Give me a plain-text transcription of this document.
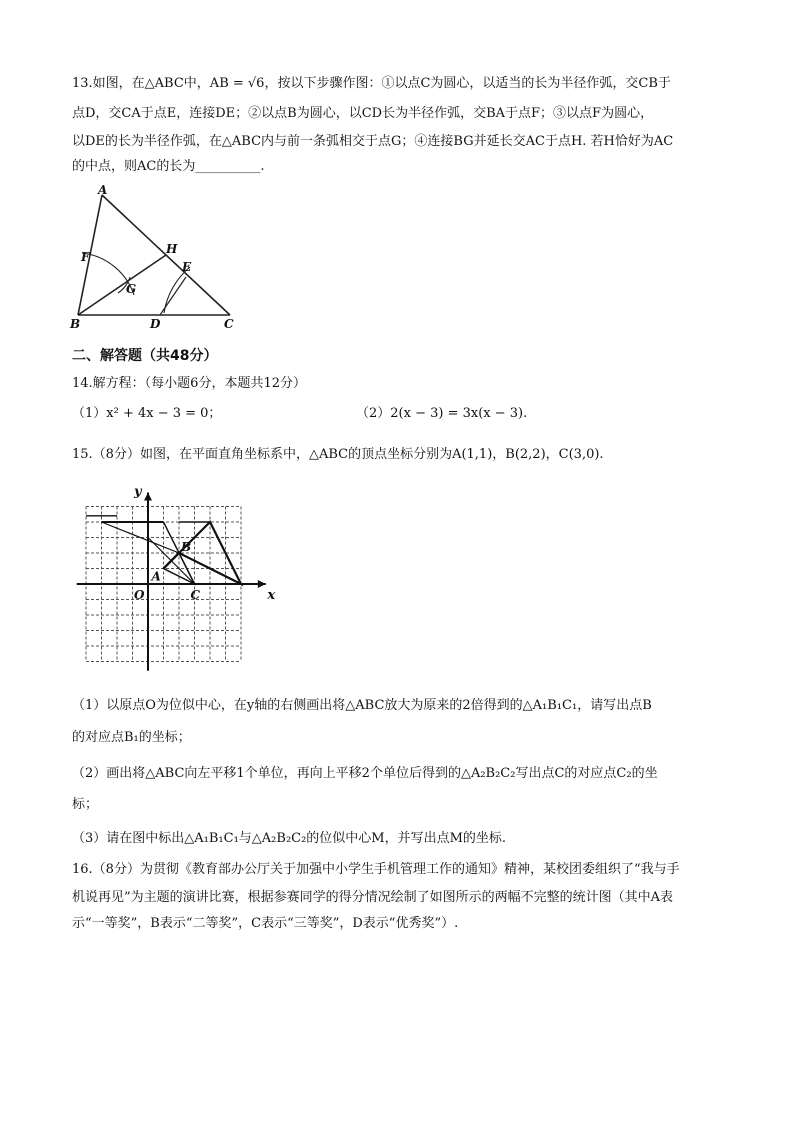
13.如图，在△ABC中，AB = √6，按以下步骤作图：①以点C为圆心，以适当的长为半径作弧，交CB于
点D，交CA于点E，连接DE；②以点B为圆心，以CD长为半径作弧，交BA于点F；③以点F为圆心，
以DE的长为半径作弧，在△ABC内与前一条弧相交于点G；④连接BG并延长交AC于点H. 若H恰好为AC
的中点，则AC的长为__________.
A
B	C
D
E
F
G
H
二、解答题（共48分）
14.解方程：（每小题6分，本题共12分）
（1）x² + 4x − 3 = 0；	（2）2(x − 3) = 3x(x − 3).
15.（8分）如图，在平面直角坐标系中，△ABC的顶点坐标分别为A(1,1)，B(2,2)，C(3,0).
x
y
O
A
B
C
（1）以原点O为位似中心，在y轴的右侧画出将△ABC放大为原来的2倍得到的△A₁B₁C₁，请写出点B
的对应点B₁的坐标；
（2）画出将△ABC向左平移1个单位，再向上平移2个单位后得到的△A₂B₂C₂写出点C的对应点C₂的坐
标；
（3）请在图中标出△A₁B₁C₁与△A₂B₂C₂的位似中心M，并写出点M的坐标.
16.（8分）为贯彻《教育部办公厅关于加强中小学生手机管理工作的通知》精神，某校团委组织了“我与手
机说再见”为主题的演讲比赛，根据参赛同学的得分情况绘制了如图所示的两幅不完整的统计图（其中A表
示“一等奖”，B表示“二等奖”，C表示“三等奖”，D表示“优秀奖”）.
